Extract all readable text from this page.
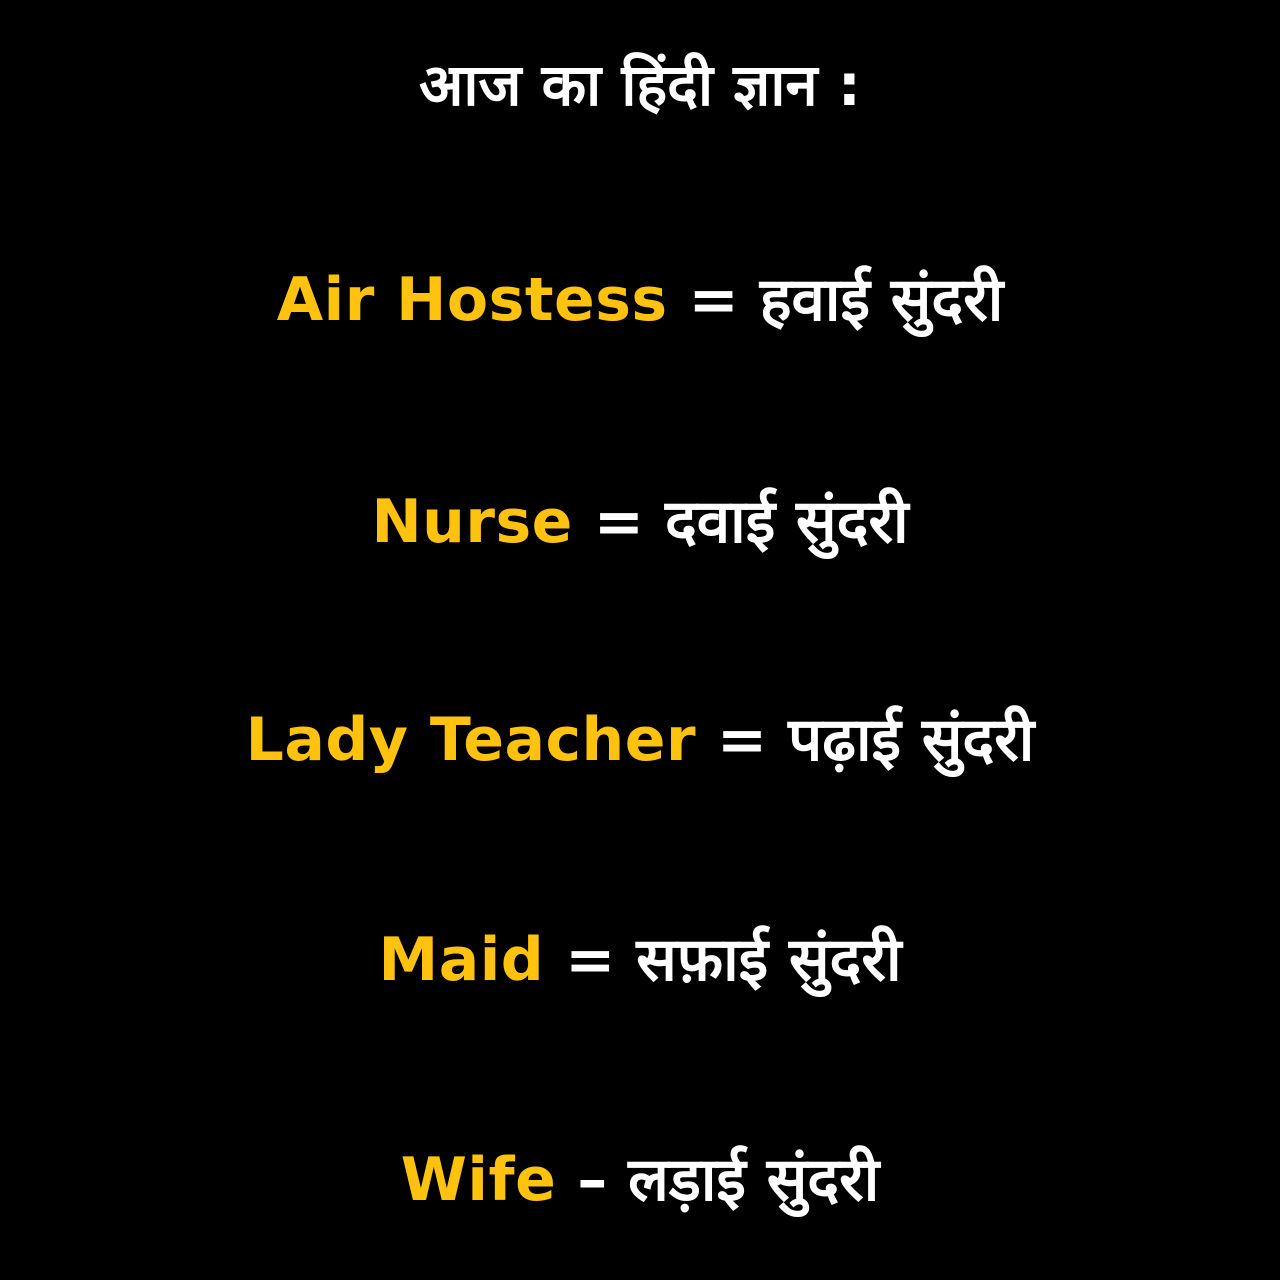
आज का हिंदी ज्ञान :
Air Hostess = हवाई सुंदरी
Nurse = दवाई सुंदरी
Lady Teacher = पढ़ाई सुंदरी
Maid = सफ़ाई सुंदरी
Wife – लड़ाई सुंदरी
